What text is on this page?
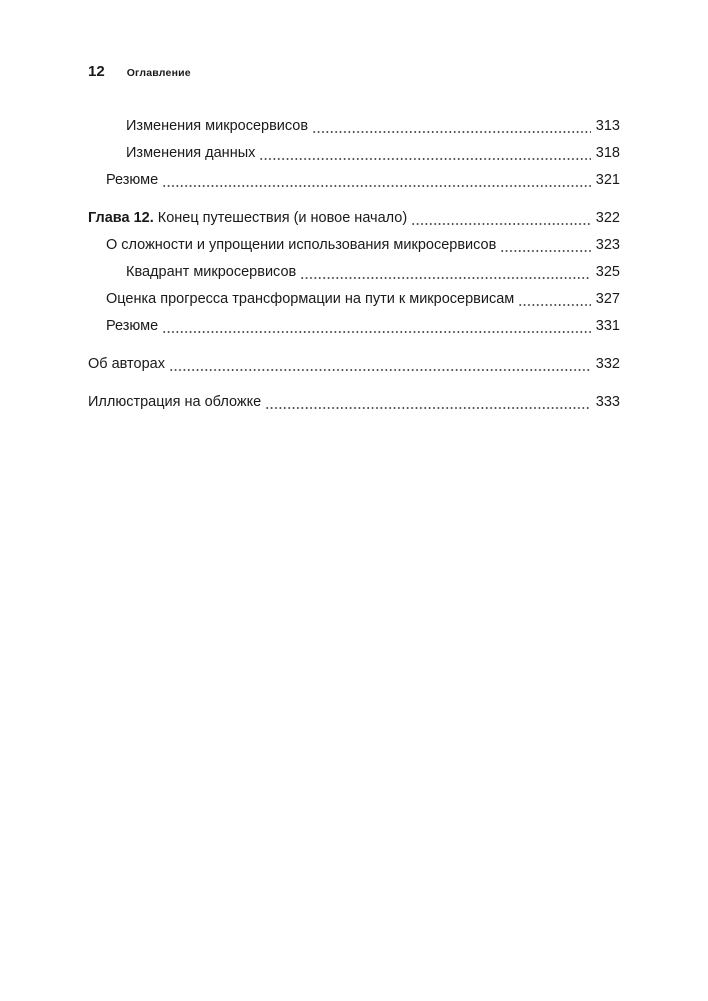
12 Оглавление
Изменения микросервисов	313
Изменения данных	318
Резюме	321
Глава 12. Конец путешествия (и новое начало)	322
О сложности и упрощении использования микросервисов	323
Квадрант микросервисов	325
Оценка прогресса трансформации на пути к микросервисам	327
Резюме	331
Об авторах	332
Иллюстрация на обложке	333
